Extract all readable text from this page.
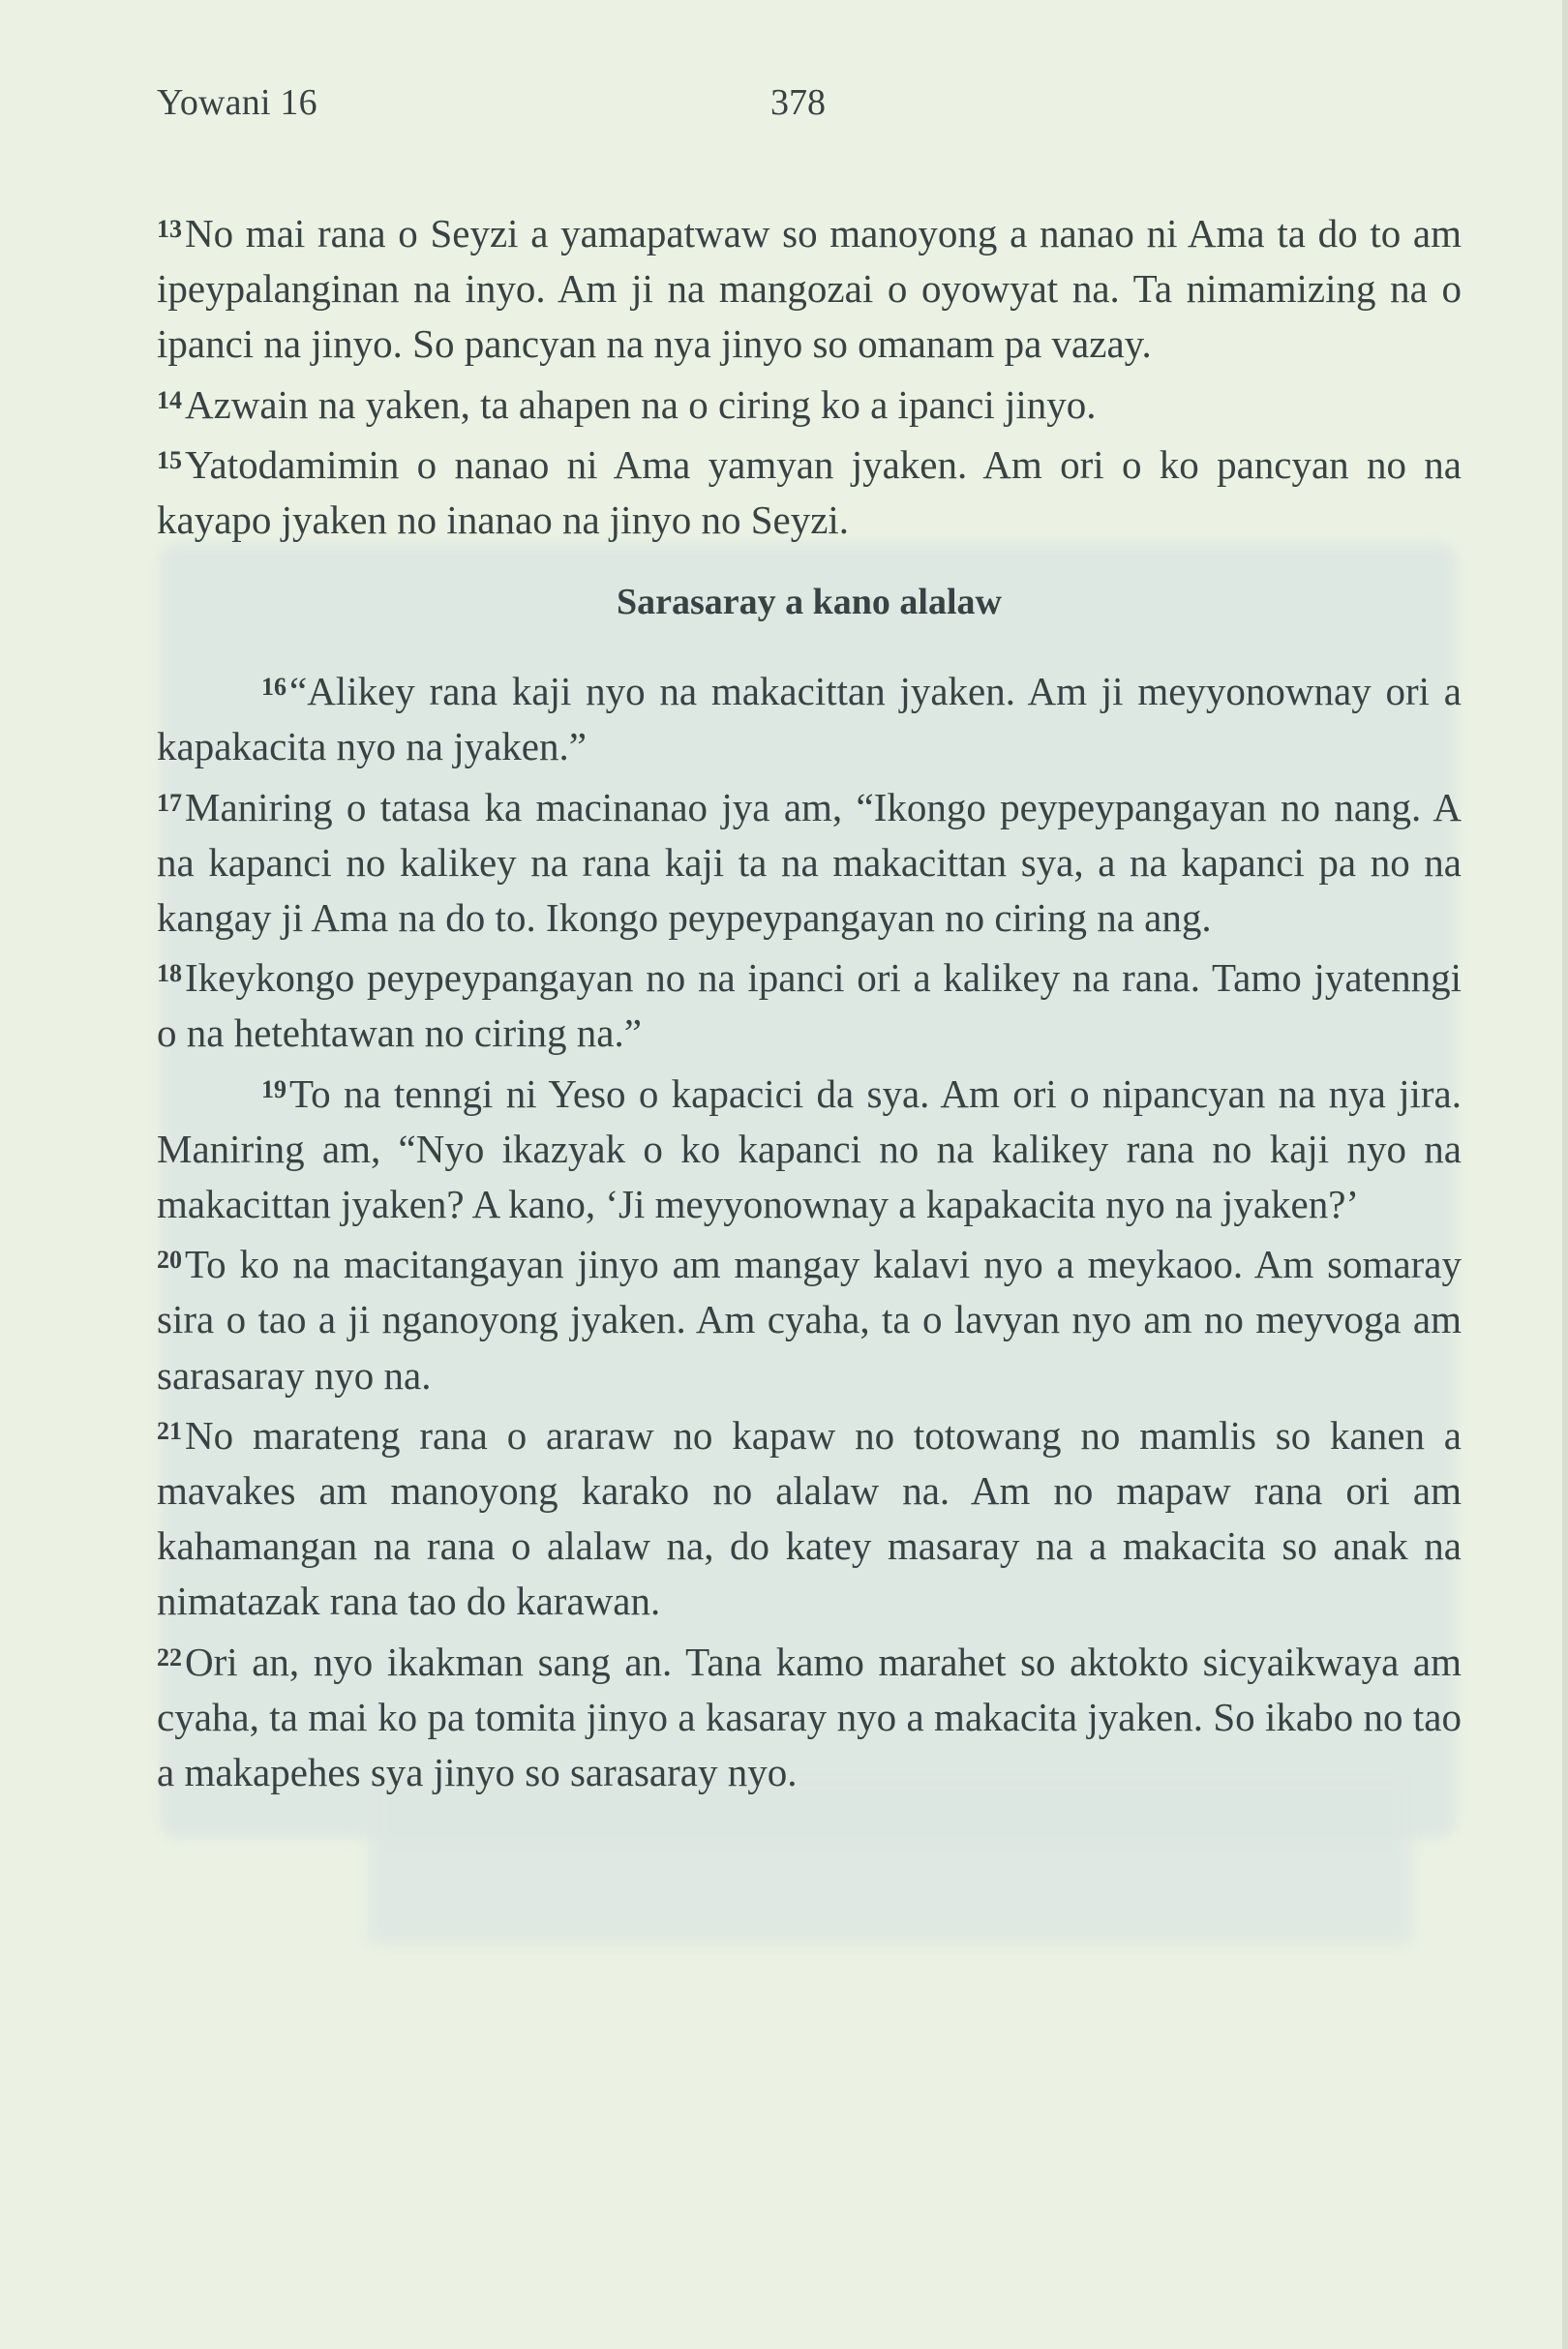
Yowani 16	378

$^{13}$No mai rana o Seyzi a yamapatwaw so manoyong a nanao ni Ama ta do to am ipeypalanginan na inyo. Am ji na mangozai o oyowyat na. Ta nimamizing na o ipanci na jinyo. So pancyan na nya jinyo so omanam pa vazay.

$^{14}$Azwain na yaken, ta ahapen na o ciring ko a ipanci jinyo.

$^{15}$Yatodamimin o nanao ni Ama yamyan jyaken. Am ori o ko pancyan no na kayapo jyaken no inanao na jinyo no Seyzi.

Sarasaray a kano alalaw

$^{16}$“Alikey rana kaji nyo na makacittan jyaken. Am ji meyyonownay ori a kapakacita nyo na jyaken.”

$^{17}$Maniring o tatasa ka macinanao jya am, “Ikongo peypeypangayan no nang. A na kapanci no kalikey na rana kaji ta na makacittan sya, a na kapanci pa no na kangay ji Ama na do to. Ikongo peypeypangayan no ciring na ang.

$^{18}$Ikeykongo peypeypangayan no na ipanci ori a kalikey na rana. Tamo jyatenngi o na hetehtawan no ciring na.”

$^{19}$To na tenngi ni Yeso o kapacici da sya. Am ori o nipancyan na nya jira. Maniring am, “Nyo ikazyak o ko kapanci no na kalikey rana no kaji nyo na makacittan jyaken? A kano, ‘Ji meyyonownay a kapakacita nyo na jyaken?’

$^{20}$To ko na macitangayan jinyo am mangay kalavi nyo a meykaoo. Am somaray sira o tao a ji nganoyong jyaken. Am cyaha, ta o lavyan nyo am no meyvoga am sarasaray nyo na.

$^{21}$No marateng rana o araraw no kapaw no totowang no mamlis so kanen a mavakes am manoyong karako no alalaw na. Am no mapaw rana ori am kahamangan na rana o alalaw na, do katey masaray na a makacita so anak na nimatazak rana tao do karawan.

$^{22}$Ori an, nyo ikakman sang an. Tana kamo marahet so aktokto sicyaikwaya am cyaha, ta mai ko pa tomita jinyo a kasaray nyo a makacita jyaken. So ikabo no tao a makapehes sya jinyo so sarasaray nyo.
